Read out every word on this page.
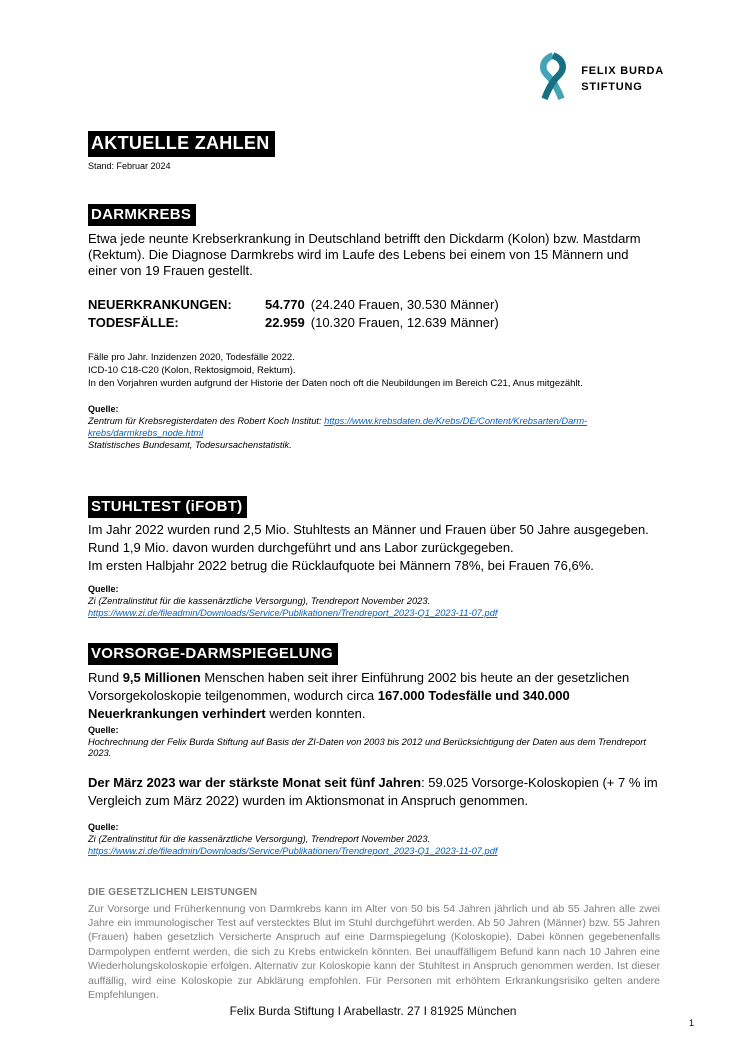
FELIX BURDA
STIFTUNG
AKTUELLE ZAHLEN
Stand: Februar 2024
DARMKREBS
Etwa jede neunte Krebserkrankung in Deutschland betrifft den Dickdarm (Kolon) bzw. Mastdarm (Rektum). Die Diagnose Darmkrebs wird im Laufe des Lebens bei einem von 15 Männern und einer von 19 Frauen gestellt.
NEUERKRANKUNGEN:	54.770 (24.240 Frauen, 30.530 Männer)
TODESFÄLLE:	22.959 (10.320 Frauen, 12.639 Männer)
Fälle pro Jahr. Inzidenzen 2020, Todesfälle 2022.
ICD-10 C18-C20 (Kolon, Rektosigmoid, Rektum).
In den Vorjahren wurden aufgrund der Historie der Daten noch oft die Neubildungen im Bereich C21, Anus mitgezählt.
Quelle:
Zentrum für Krebsregisterdaten des Robert Koch Institut: https://www.krebsdaten.de/Krebs/DE/Content/Krebsarten/Darm-krebs/darmkrebs_node.html
Statistisches Bundesamt, Todesursachenstatistik.
STUHLTEST (iFOBT)
Im Jahr 2022 wurden rund 2,5 Mio. Stuhltests an Männer und Frauen über 50 Jahre ausgegeben.
Rund 1,9 Mio. davon wurden durchgeführt und ans Labor zurückgegeben.
Im ersten Halbjahr 2022 betrug die Rücklaufquote bei Männern 78%, bei Frauen 76,6%.
Quelle:
Zi (Zentralinstitut für die kassenärztliche Versorgung), Trendreport November 2023.
https://www.zi.de/fileadmin/Downloads/Service/Publikationen/Trendreport_2023-Q1_2023-11-07.pdf
VORSORGE-DARMSPIEGELUNG
Rund 9,5 Millionen Menschen haben seit ihrer Einführung 2002 bis heute an der gesetzlichen Vorsorgekoloskopie teilgenommen, wodurch circa 167.000 Todesfälle und 340.000 Neuerkrankungen verhindert werden konnten.
Quelle:
Hochrechnung der Felix Burda Stiftung auf Basis der ZI-Daten von 2003 bis 2012 und Berücksichtigung der Daten aus dem Trendreport 2023.
Der März 2023 war der stärkste Monat seit fünf Jahren: 59.025 Vorsorge-Koloskopien (+ 7 % im Vergleich zum März 2022) wurden im Aktionsmonat in Anspruch genommen.
Quelle:
Zi (Zentralinstitut für die kassenärztliche Versorgung), Trendreport November 2023.
https://www.zi.de/fileadmin/Downloads/Service/Publikationen/Trendreport_2023-Q1_2023-11-07.pdf
DIE GESETZLICHEN LEISTUNGEN
Zur Vorsorge und Früherkennung von Darmkrebs kann im Alter von 50 bis 54 Jahren jährlich und ab 55 Jahren alle zwei Jahre ein immunologischer Test auf verstecktes Blut im Stuhl durchgeführt werden. Ab 50 Jahren (Männer) bzw. 55 Jahren (Frauen) haben gesetzlich Versicherte Anspruch auf eine Darmspiegelung (Koloskopie). Dabei können gegebenenfalls Darmpolypen entfernt werden, die sich zu Krebs entwickeln könnten. Bei unauffälligem Befund kann nach 10 Jahren eine Wiederholungskoloskopie erfolgen. Alternativ zur Koloskopie kann der Stuhltest in Anspruch genommen werden. Ist dieser auffällig, wird eine Koloskopie zur Abklärung empfohlen. Für Personen mit erhöhtem Erkrankungsrisiko gelten andere Empfehlungen.
Felix Burda Stiftung I Arabellastr. 27 I 81925 München
1
